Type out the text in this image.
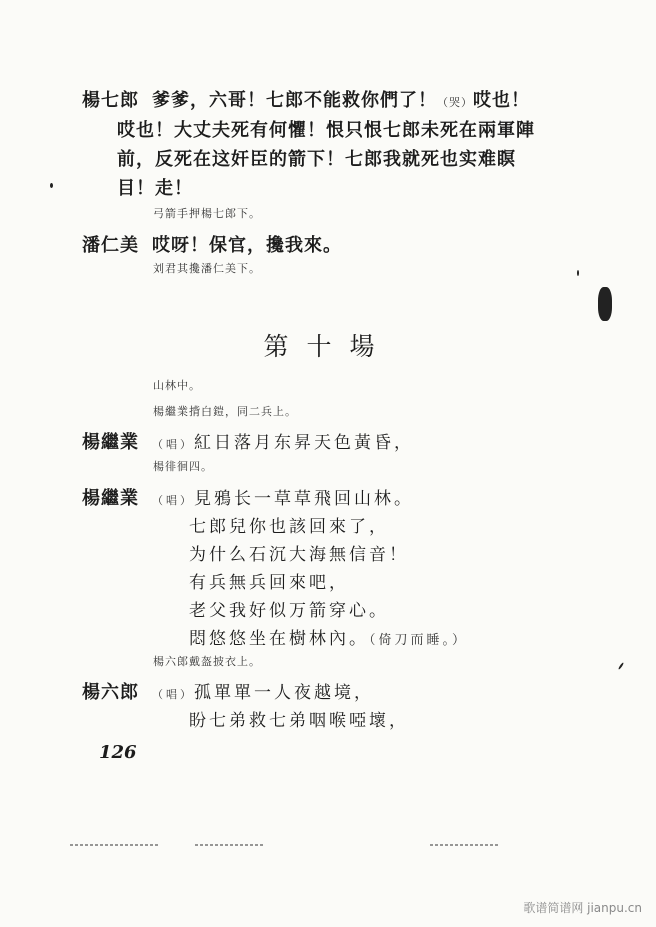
楊七郎 爹爹，六哥！七郎不能救你們了！（哭）哎也！
哎也！大丈夫死有何懼！恨只恨七郎未死在兩軍陣
前，反死在这奸臣的箭下！七郎我就死也实难瞑
目！走！
弓箭手押楊七郎下。
潘仁美 哎呀！保官，攙我來。
刘君其攙潘仁美下。
第十場
山林中。
楊繼業揹白鎧，同二兵上。
楊繼業 （唱）紅日落月东昇天色黃昏，
楊徘徊四。
楊繼業 （唱）見鴉长一草草飛回山林。
七郎兒你也該回來了，
为什么石沉大海無信音！
有兵無兵回來吧，
老父我好似万箭穿心。
悶悠悠坐在樹林內。（倚刀而睡。）
楊六郎戴盔披衣上。
楊六郎 （唱）孤單單一人夜越境，
盼七弟救七弟咽喉啞壞，
126
歌谱简谱网 jianpu.cn
